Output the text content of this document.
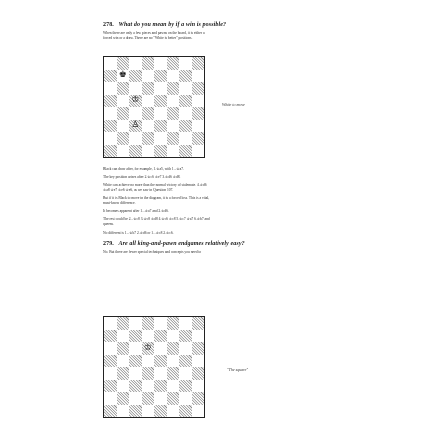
278. What do you mean by if a win is possible?
When there are only a few pieces and pawns on the board, it is either a
forced win or a draw. There are no "White is better" positions.
♚
♔
♙
White to move
Black can draw after, for example, 1.♔a5, with 1...♔a7.
The key position arises after 2.♔c6 ♔e7 3.♔d6 ♔d8.
White can achieve no more than the normal victory of stalemate. 4.♔d6
♔a8 ♔e7 ♔e6 ♔e6, as we saw in Question 107.
But if it is Black to move in the diagram, it is a forced loss. This is a vital,
must-know difference.
It becomes apparent after 1...♔a7 and 2.♔d6.
The rest could be 2...♔c8 3.♔c8 ♔d8 4.♔c6 ♔c8 5.♔c7 ♔a7 6.♔b7 and
queens.
No different is 1...♔b7 2.♔d6 or 1...♔c8 2.♔c6.
279. Are all king-and-pawn endgames relatively easy?
No. But there are fewer special techniques and concepts you need to
♔
"The square"
